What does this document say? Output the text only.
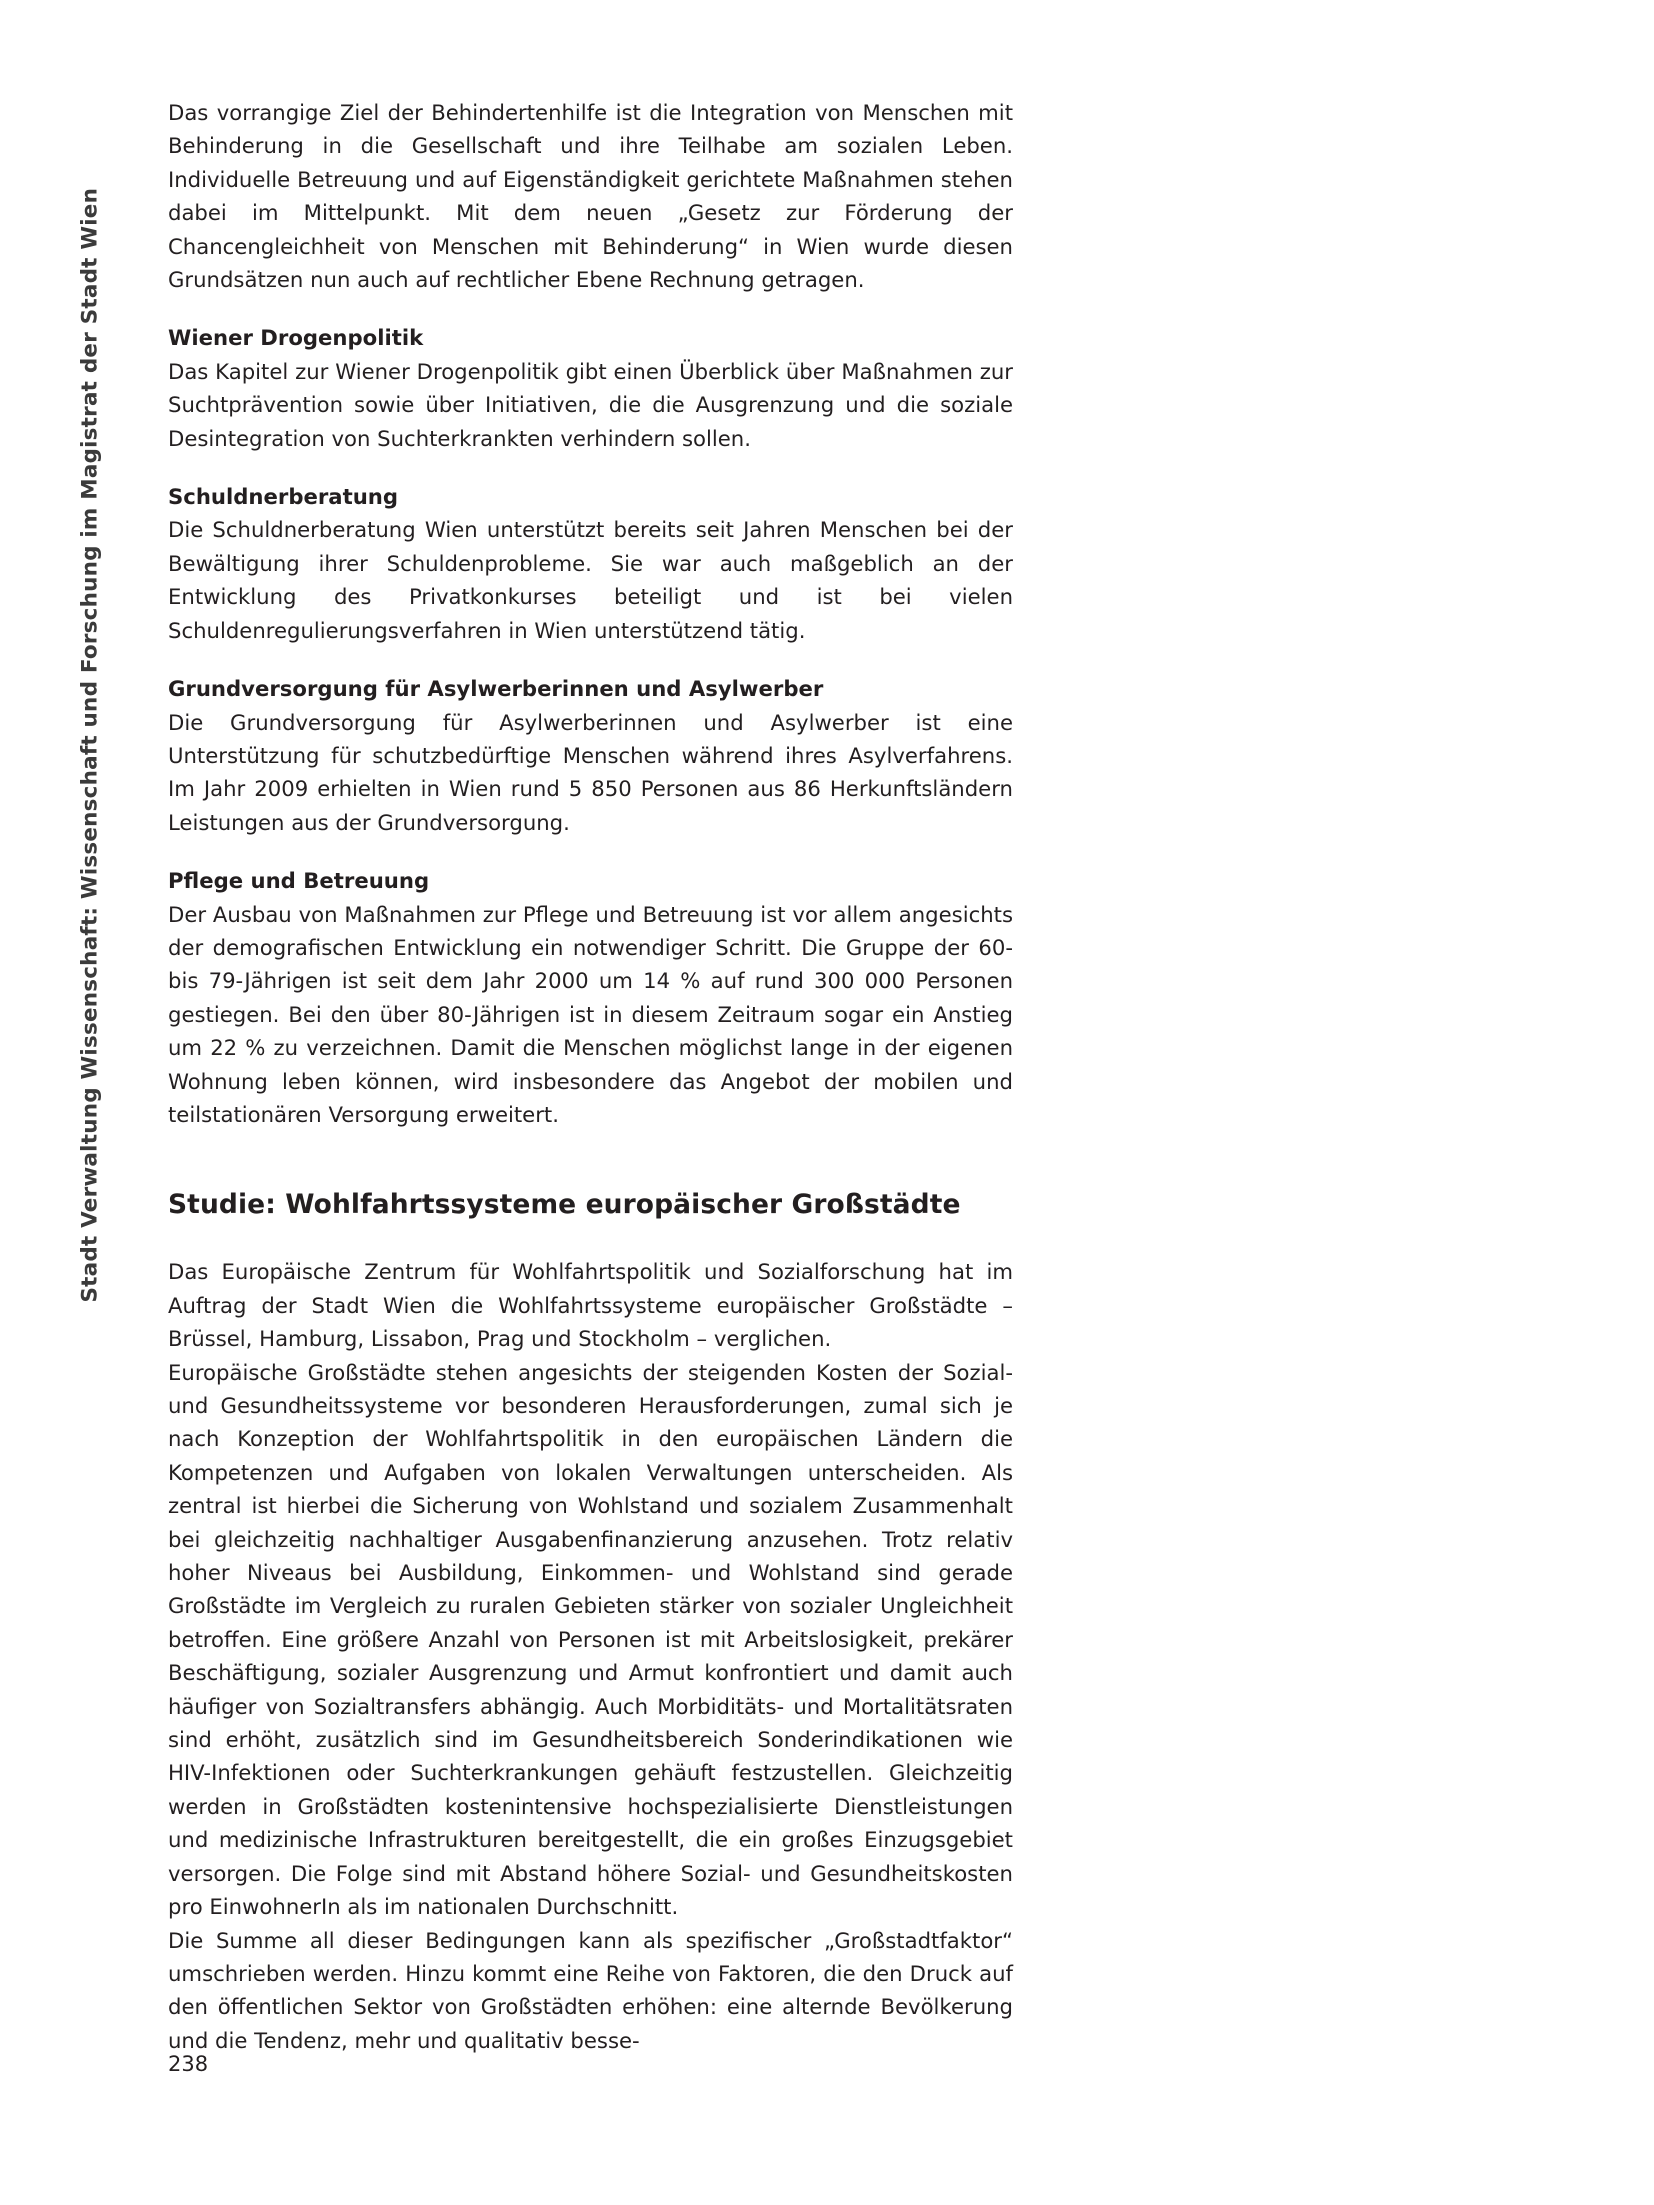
Stadt Verwaltung Wissenschaft: Wissenschaft und Forschung im Magistrat der Stadt Wien

Das vorrangige Ziel der Behindertenhilfe ist die Integration von Menschen mit Behinderung in die Gesellschaft und ihre Teilhabe am sozialen Leben. Individuelle Betreuung und auf Eigenständigkeit gerichtete Maßnahmen stehen dabei im Mittelpunkt. Mit dem neuen „Gesetz zur Förderung der Chancengleichheit von Menschen mit Behinderung“ in Wien wurde diesen Grundsätzen nun auch auf rechtlicher Ebene Rechnung getragen.

Wiener Drogenpolitik

Das Kapitel zur Wiener Drogenpolitik gibt einen Überblick über Maßnahmen zur Suchtprävention sowie über Initiativen, die die Ausgrenzung und die soziale Desintegration von Suchterkrankten verhindern sollen.

Schuldnerberatung

Die Schuldnerberatung Wien unterstützt bereits seit Jahren Menschen bei der Bewältigung ihrer Schuldenprobleme. Sie war auch maßgeblich an der Entwicklung des Privatkonkurses beteiligt und ist bei vielen Schuldenregulierungsverfahren in Wien unterstützend tätig.

Grundversorgung für Asylwerberinnen und Asylwerber

Die Grundversorgung für Asylwerberinnen und Asylwerber ist eine Unterstützung für schutzbedürftige Menschen während ihres Asylverfahrens. Im Jahr 2009 erhielten in Wien rund 5 850 Personen aus 86 Herkunftsländern Leistungen aus der Grundversorgung.

Pflege und Betreuung

Der Ausbau von Maßnahmen zur Pflege und Betreuung ist vor allem angesichts der demografischen Entwicklung ein notwendiger Schritt. Die Gruppe der 60- bis 79-Jährigen ist seit dem Jahr 2000 um 14 % auf rund 300 000 Personen gestiegen. Bei den über 80-Jährigen ist in diesem Zeitraum sogar ein Anstieg um 22 % zu verzeichnen. Damit die Menschen möglichst lange in der eigenen Wohnung leben können, wird insbesondere das Angebot der mobilen und teilstationären Versorgung erweitert.

Studie: Wohlfahrtssysteme europäischer Großstädte

Das Europäische Zentrum für Wohlfahrtspolitik und Sozialforschung hat im Auftrag der Stadt Wien die Wohlfahrtssysteme europäischer Großstädte – Brüssel, Hamburg, Lissabon, Prag und Stockholm – verglichen.

Europäische Großstädte stehen angesichts der steigenden Kosten der Sozial- und Gesundheitssysteme vor besonderen Herausforderungen, zumal sich je nach Konzeption der Wohlfahrtspolitik in den europäischen Ländern die Kompetenzen und Aufgaben von lokalen Verwaltungen unterscheiden. Als zentral ist hierbei die Sicherung von Wohlstand und sozialem Zusammenhalt bei gleichzeitig nachhaltiger Ausgabenfinanzierung anzusehen. Trotz relativ hoher Niveaus bei Ausbildung, Einkommen- und Wohlstand sind gerade Großstädte im Vergleich zu ruralen Gebieten stärker von sozialer Ungleichheit betroffen. Eine größere Anzahl von Personen ist mit Arbeitslosigkeit, prekärer Beschäftigung, sozialer Ausgrenzung und Armut konfrontiert und damit auch häufiger von Sozialtransfers abhängig. Auch Morbiditäts- und Mortalitätsraten sind erhöht, zusätzlich sind im Gesundheitsbereich Sonderindikationen wie HIV-Infektionen oder Suchterkrankungen gehäuft festzustellen. Gleichzeitig werden in Großstädten kostenintensive hochspezialisierte Dienstleistungen und medizinische Infrastrukturen bereitgestellt, die ein großes Einzugsgebiet versorgen. Die Folge sind mit Abstand höhere Sozial- und Gesundheitskosten pro EinwohnerIn als im nationalen Durchschnitt.

Die Summe all dieser Bedingungen kann als spezifischer „Großstadtfaktor“ umschrieben werden. Hinzu kommt eine Reihe von Faktoren, die den Druck auf den öffentlichen Sektor von Großstädten erhöhen: eine alternde Bevölkerung und die Tendenz, mehr und qualitativ besse-

238
